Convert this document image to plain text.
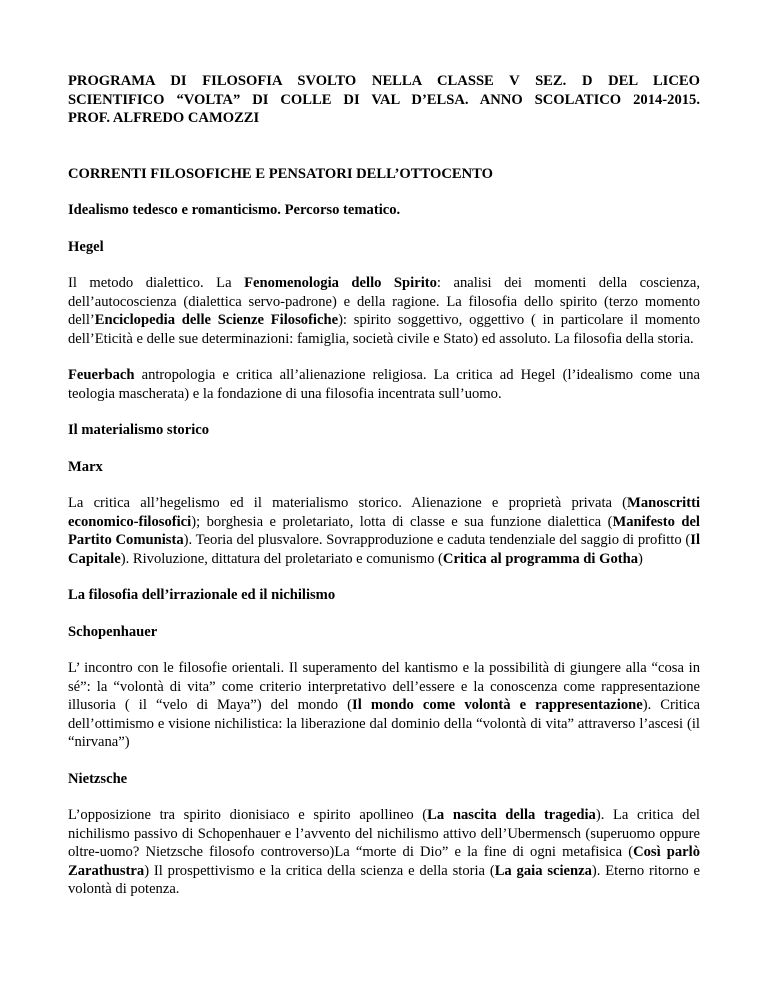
PROGRAMA DI FILOSOFIA SVOLTO NELLA CLASSE V SEZ. D DEL LICEO
SCIENTIFICO “VOLTA” DI COLLE DI VAL D’ELSA. ANNO SCOLATICO 2014-2015.
PROF. ALFREDO CAMOZZI
CORRENTI FILOSOFICHE E PENSATORI DELL’OTTOCENTO
Idealismo tedesco e romanticismo. Percorso tematico.
Hegel

Il metodo dialettico. La Fenomenologia dello Spirito: analisi dei momenti della coscienza, dell’autocoscienza (dialettica servo-padrone) e della ragione. La filosofia dello spirito (terzo momento dell’Enciclopedia delle Scienze Filosofiche): spirito soggettivo, oggettivo ( in particolare il momento dell’Eticità e delle sue determinazioni: famiglia, società civile e Stato) ed assoluto. La filosofia della storia.

Feuerbach antropologia e critica all’alienazione religiosa. La critica ad Hegel (l’idealismo come una teologia mascherata) e la fondazione di una filosofia incentrata sull’uomo.

Il materialismo storico
Marx

La critica all’hegelismo ed il materialismo storico. Alienazione e proprietà privata (Manoscritti economico-filosofici); borghesia e proletariato, lotta di classe e sua funzione dialettica (Manifesto del Partito Comunista). Teoria del plusvalore. Sovrapproduzione e caduta tendenziale del saggio di profitto (Il Capitale). Rivoluzione, dittatura del proletariato e comunismo (Critica al programma di Gotha)

La filosofia dell’irrazionale ed il nichilismo
Schopenhauer

L’ incontro con le filosofie orientali. Il superamento del kantismo e la possibilità di giungere alla “cosa in sé”: la “volontà di vita” come criterio interpretativo dell’essere e la conoscenza come rappresentazione illusoria ( il “velo di Maya”) del mondo (Il mondo come volontà e rappresentazione). Critica dell’ottimismo e visione nichilistica: la liberazione dal dominio della “volontà di vita” attraverso l’ascesi (il “nirvana”)

Nietzsche

L’opposizione tra spirito dionisiaco e spirito apollineo (La nascita della tragedia). La critica del nichilismo passivo di Schopenhauer e l’avvento del nichilismo attivo dell’Ubermensch (superuomo oppure oltre-uomo? Nietzsche filosofo controverso)La “morte di Dio” e la fine di ogni metafisica (Così parlò Zarathustra) Il prospettivismo e la critica della scienza e della storia (La gaia scienza). Eterno ritorno e volontà di potenza.
